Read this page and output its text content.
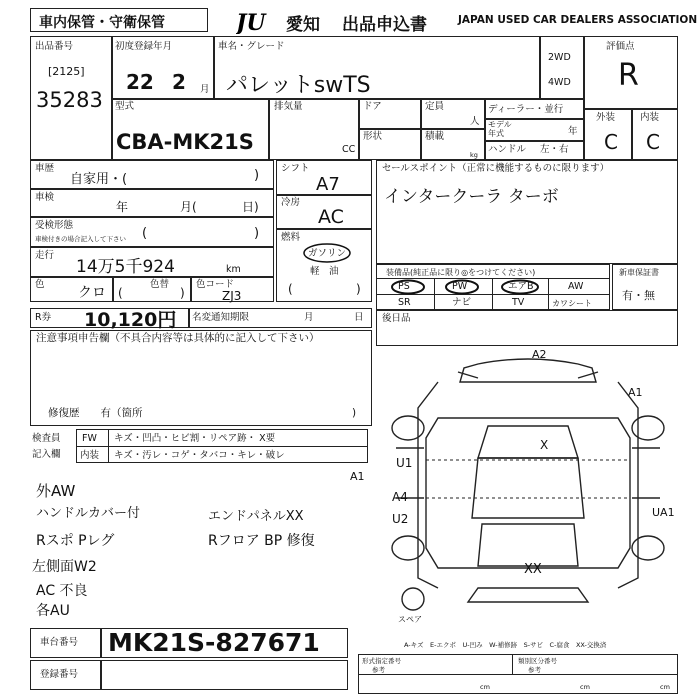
車内保管・守衛保管	JU 愛知 出品申込書	JAPAN USED CAR DEALERS ASSOCIATION
出品番号
[2125]
35283
初度登録年月
22 2 月
車名・グレード
パレットswTS
2WD
4WD
評価点
R
外装	内装
C C
型式
CBA-MK21S
排気量
CC
ドア	定員
人
形状	積載
kg
ディーラー・並行
モデル
年式	年
ハンドル 左・右
車歴
自家用・(	)
車検
年	月(	日)
受検形態
車検付きの場合記入して下さい (	)
走行
14万5千924	km
色
クロ
色替
(	)
色コード
ZJ3
シフト
A7
冷房
AC
燃料
ガソリン
軽　油
(	)
セールスポイント（正常に機能するものに限ります）
インタークーラ ターボ
装備品(純正品に限り◎をつけてください)
PS	PW	エアB	AW
SR	ナビ	TV	カワシート
新車保証書
有・無
R券 10,120円 名変通知期限	月	日
注意事項申告欄（不具合内容等は具体的に記入して下さい）
修復歴　　有（箇所	)
後日品
検査員
記入欄
FW キズ・凹凸・ヒビ割・リペア跡・ X要
内装 キズ・汚レ・コゲ・タバコ・キレ・破レ
外AW
ハンドルカバー付
Rスポ Pレグ
左側面W2
AC 不良
各AU
エンドパネルXX
Rフロア BP 修復
A2
A1
X
U1
A1
A4
U2	UA1
XX
スペア
A-キズ　E-エクボ　U-凹み　W-補修跡　S-サビ　C-腐食　XX-交換済
車台番号 MK21S-827671
登録番号
形式指定番号
参考
類別区分番号
参考
cm	cm	cm
